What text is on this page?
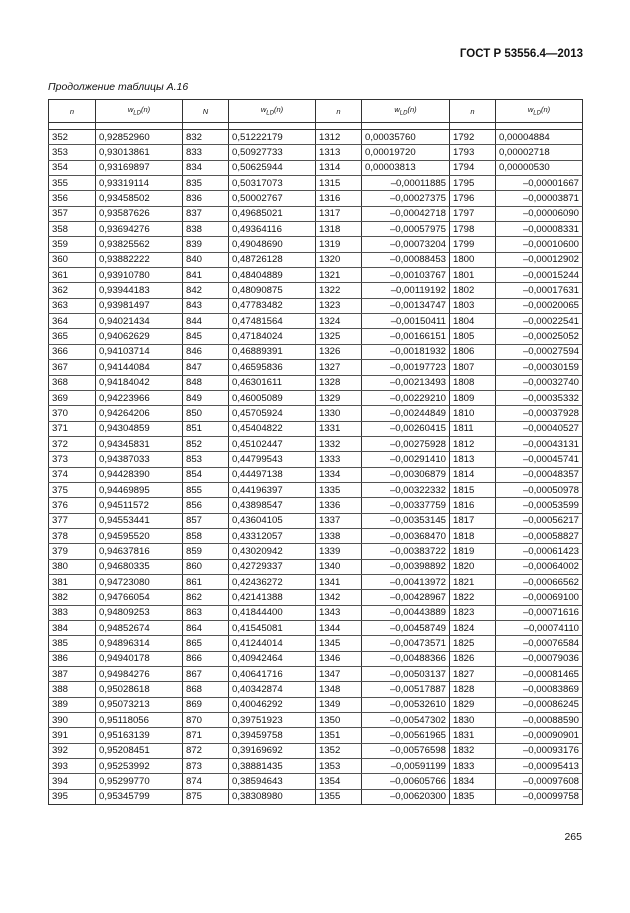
ГОСТ Р 53556.4—2013
Продолжение таблицы А.16
n	$w_{LD}(n)$	N	$w_{LD}(n)$	n	$w_{LD}(n)$	n	$w_{LD}(n)$

352	0,92852960	832	0,51222179	1312	0,00035760	1792	0,00004884
353	0,93013861	833	0,50927733	1313	0,00019720	1793	0,00002718
354	0,93169897	834	0,50625944	1314	0,00003813	1794	0,00000530
355	0,93319114	835	0,50317073	1315	–0,00011885	1795	–0,00001667
356	0,93458502	836	0,50002767	1316	–0,00027375	1796	–0,00003871
357	0,93587626	837	0,49685021	1317	–0,00042718	1797	–0,00006090
358	0,93694276	838	0,49364116	1318	–0,00057975	1798	–0,00008331
359	0,93825562	839	0,49048690	1319	–0,00073204	1799	–0,00010600
360	0,93882222	840	0,48726128	1320	–0,00088453	1800	–0,00012902
361	0,93910780	841	0,48404889	1321	–0,00103767	1801	–0,00015244
362	0,93944183	842	0,48090875	1322	–0,00119192	1802	–0,00017631
363	0,93981497	843	0,47783482	1323	–0,00134747	1803	–0,00020065
364	0,94021434	844	0,47481564	1324	–0,00150411	1804	–0,00022541
365	0,94062629	845	0,47184024	1325	–0,00166151	1805	–0,00025052
366	0,94103714	846	0,46889391	1326	–0,00181932	1806	–0,00027594
367	0,94144084	847	0,46595836	1327	–0,00197723	1807	–0,00030159
368	0,94184042	848	0,46301611	1328	–0,00213493	1808	–0,00032740
369	0,94223966	849	0,46005089	1329	–0,00229210	1809	–0,00035332
370	0,94264206	850	0,45705924	1330	–0,00244849	1810	–0,00037928
371	0,94304859	851	0,45404822	1331	–0,00260415	1811	–0,00040527
372	0,94345831	852	0,45102447	1332	–0,00275928	1812	–0,00043131
373	0,94387033	853	0,44799543	1333	–0,00291410	1813	–0,00045741
374	0,94428390	854	0,44497138	1334	–0,00306879	1814	–0,00048357
375	0,94469895	855	0,44196397	1335	–0,00322332	1815	–0,00050978
376	0,94511572	856	0,43898547	1336	–0,00337759	1816	–0,00053599
377	0,94553441	857	0,43604105	1337	–0,00353145	1817	–0,00056217
378	0,94595520	858	0,43312057	1338	–0,00368470	1818	–0,00058827
379	0,94637816	859	0,43020942	1339	–0,00383722	1819	–0,00061423
380	0,94680335	860	0,42729337	1340	–0,00398892	1820	–0,00064002
381	0,94723080	861	0,42436272	1341	–0,00413972	1821	–0,00066562
382	0,94766054	862	0,42141388	1342	–0,00428967	1822	–0,00069100
383	0,94809253	863	0,41844400	1343	–0,00443889	1823	–0,00071616
384	0,94852674	864	0,41545081	1344	–0,00458749	1824	–0,00074110
385	0,94896314	865	0,41244014	1345	–0,00473571	1825	–0,00076584
386	0,94940178	866	0,40942464	1346	–0,00488366	1826	–0,00079036
387	0,94984276	867	0,40641716	1347	–0,00503137	1827	–0,00081465
388	0,95028618	868	0,40342874	1348	–0,00517887	1828	–0,00083869
389	0,95073213	869	0,40046292	1349	–0,00532610	1829	–0,00086245
390	0,95118056	870	0,39751923	1350	–0,00547302	1830	–0,00088590
391	0,95163139	871	0,39459758	1351	–0,00561965	1831	–0,00090901
392	0,95208451	872	0,39169692	1352	–0,00576598	1832	–0,00093176
393	0,95253992	873	0,38881435	1353	–0,00591199	1833	–0,00095413
394	0,95299770	874	0,38594643	1354	–0,00605766	1834	–0,00097608
395	0,95345799	875	0,38308980	1355	–0,00620300	1835	–0,00099758
265
